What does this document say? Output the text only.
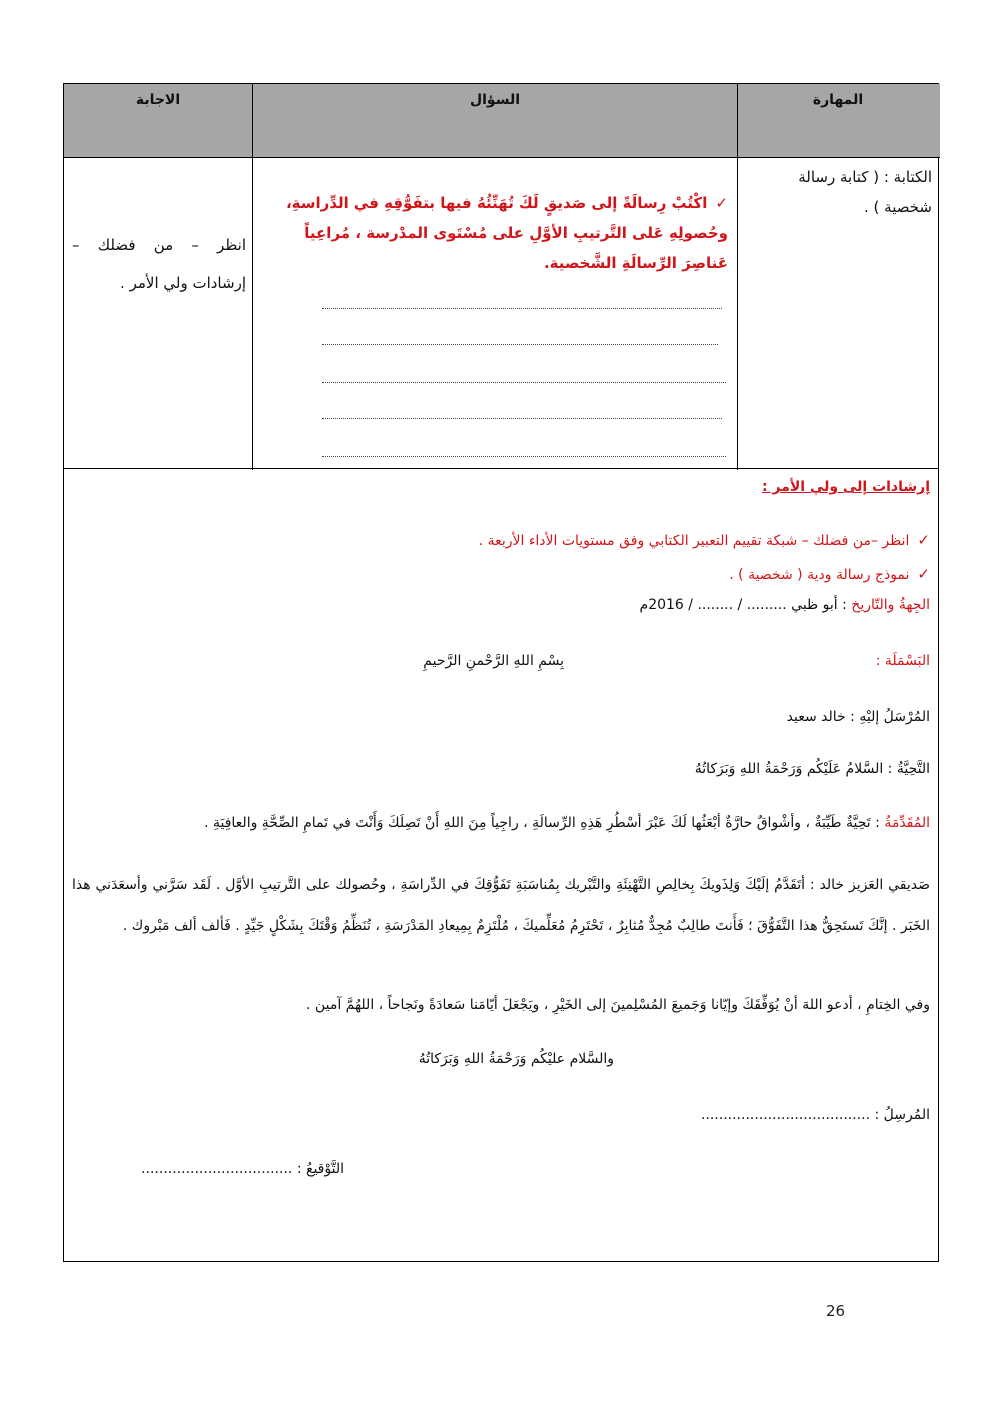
المهارة
السؤال
الاجابة
الكتابة : ( كتابة رسالة شخصية ) .
✓اكْتُبْ رِسالَةً إلى صَديقٍ لَكَ تُهَنِّئُهُ فيها بتفَوُّقِهِ في الدِّراسةِ، وحُصولِهِ عَلى التَّرتيبِ الأوَّلِ على مُسْتَوى المدْرسة ، مُراعِياً عَناصِرَ الرِّسالَةِ الشَّخصية.
انظر – من فضلك – إرشادات ولي الأمر .
إرشادات إلى ولي الأمر :
✓انظر –من فضلك – شبكة تقييم التعبير الكتابي وفق مستويات الأداء الأربعة .
✓نموذج رسالة ودية ( شخصية ) .
الجِهةُ والتّاريخ : أبو ظبي ......... / ........ / 2016م
البَسْمَلَة :
بِسْمِ اللهِ الرَّحْمنِ الرَّحيمِ
المُرْسَلُ إليْهِ : خالد سعيد
التَّحِيَّةُ : السَّلامُ عَلَيْكُم وَرَحْمَةُ اللهِ وَبَرَكاتُهُ
المُقَدِّمَةُ : تَحِيَّةٌ طَيِّبَةٌ ، وأشْواقٌ حارَّةٌ أبْعَثُها لَكَ عَبْرَ أسْطُرِ هَذِهِ الرِّسالَةِ ، راجِياً مِنَ اللهِ أَنْ تَصِلَكَ وَأَنْتَ في تَمامِ الصِّحَّةِ والعافِيَةِ .
صَديقي العَزيز خالد : أتَقَدَّمُ إلَيْكَ وَلِذَويكَ بِخالِصِ التَّهْنِئَةِ والتَّبْريك بِمُناسَبَةِ تَفَوُّقِكَ في الدِّراسَةِ ، وحُصولك على التَّرتيبِ الأوَّل . لَقَد سَرَّني وأسعَدَني هذا الخَبَر . إنَّكَ تَستَحِقُّ هذا التَّفَوُّقَ ؛ فَأَنتَ طالِبٌ مُجِدٌّ مُثابِرٌ ، تَحْتَرِمُ مُعَلِّميكَ ، مُلْتَزِمٌ بِمِيعادِ المَدْرَسَةِ ، تُنَظِّمُ وَقْتَكَ بِشَكْلٍ جَيِّدٍ . فَألف ألف مَبْروك .
وفي الخِتامِ ، أدعو اللهَ أنْ يُوَفِّقَكَ وإيّانا وَجَميعَ المُسْلِمينَ إلى الخَيْرِ ، ويَجْعَلَ أيّامَنا سَعادَةً ونَجاحاً ، اللهُمَّ آمين .
والسَّلام عليْكُم وَرَحْمَةُ اللهِ وَبَرَكاتُهُ
المُرسِلُ : ......................................
التَّوْقيعُ : ..................................
26
